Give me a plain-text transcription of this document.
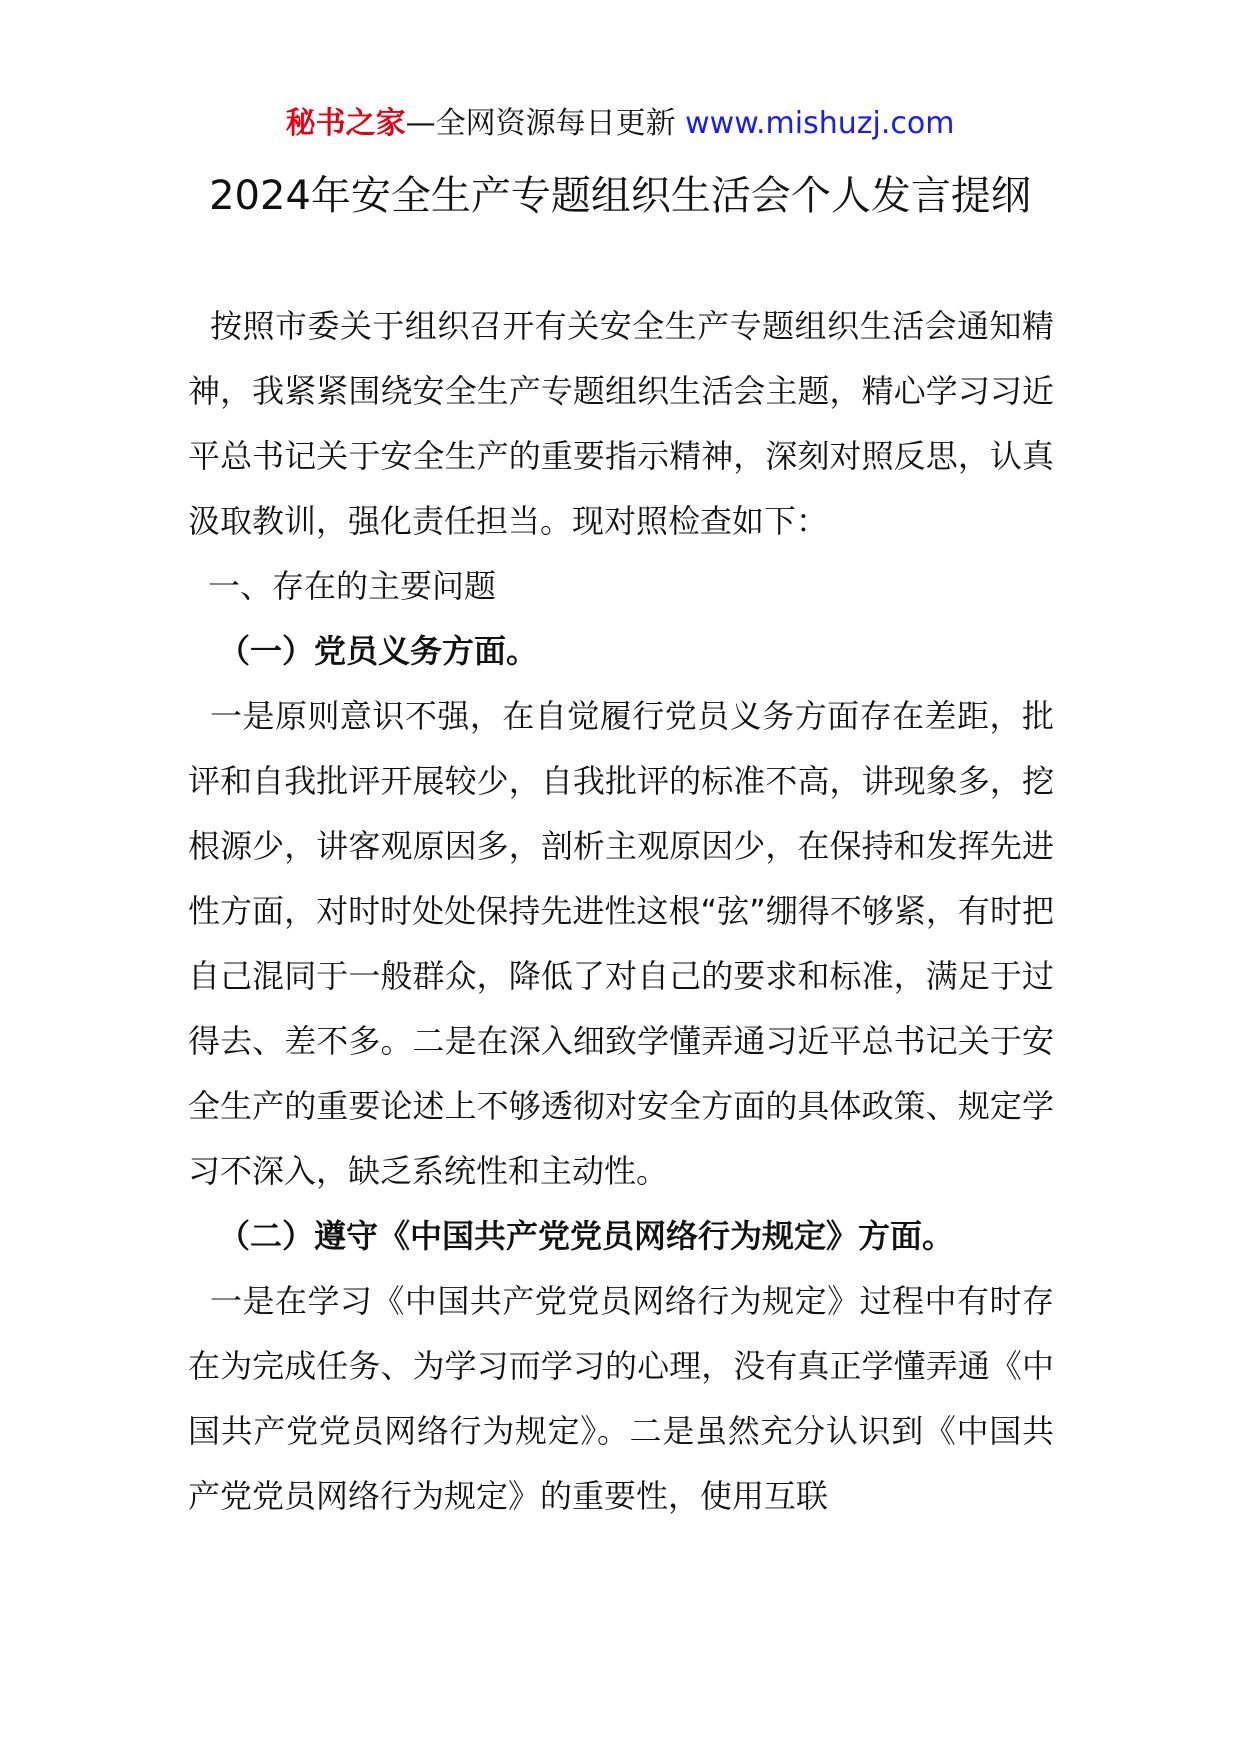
秘书之家—全网资源每日更新 www.mishuzj.com
2024年安全生产专题组织生活会个人发言提纲

按照市委关于组织召开有关安全生产专题组织生活会通知精神，我紧紧围绕安全生产专题组织生活会主题，精心学习习近平总书记关于安全生产的重要指示精神，深刻对照反思，认真汲取教训，强化责任担当。现对照检查如下：

一、存在的主要问题

（一）党员义务方面。

一是原则意识不强，在自觉履行党员义务方面存在差距，批评和自我批评开展较少，自我批评的标准不高，讲现象多，挖根源少，讲客观原因多，剖析主观原因少，在保持和发挥先进性方面，对时时处处保持先进性这根“弦”绷得不够紧，有时把自己混同于一般群众，降低了对自己的要求和标准，满足于过得去、差不多。二是在深入细致学懂弄通习近平总书记关于安全生产的重要论述上不够透彻对安全方面的具体政策、规定学习不深入，缺乏系统性和主动性。

（二）遵守《中国共产党党员网络行为规定》方面。

一是在学习《中国共产党党员网络行为规定》过程中有时存在为完成任务、为学习而学习的心理，没有真正学懂弄通《中国共产党党员网络行为规定》。二是虽然充分认识到《中国共产党党员网络行为规定》的重要性，使用互联
